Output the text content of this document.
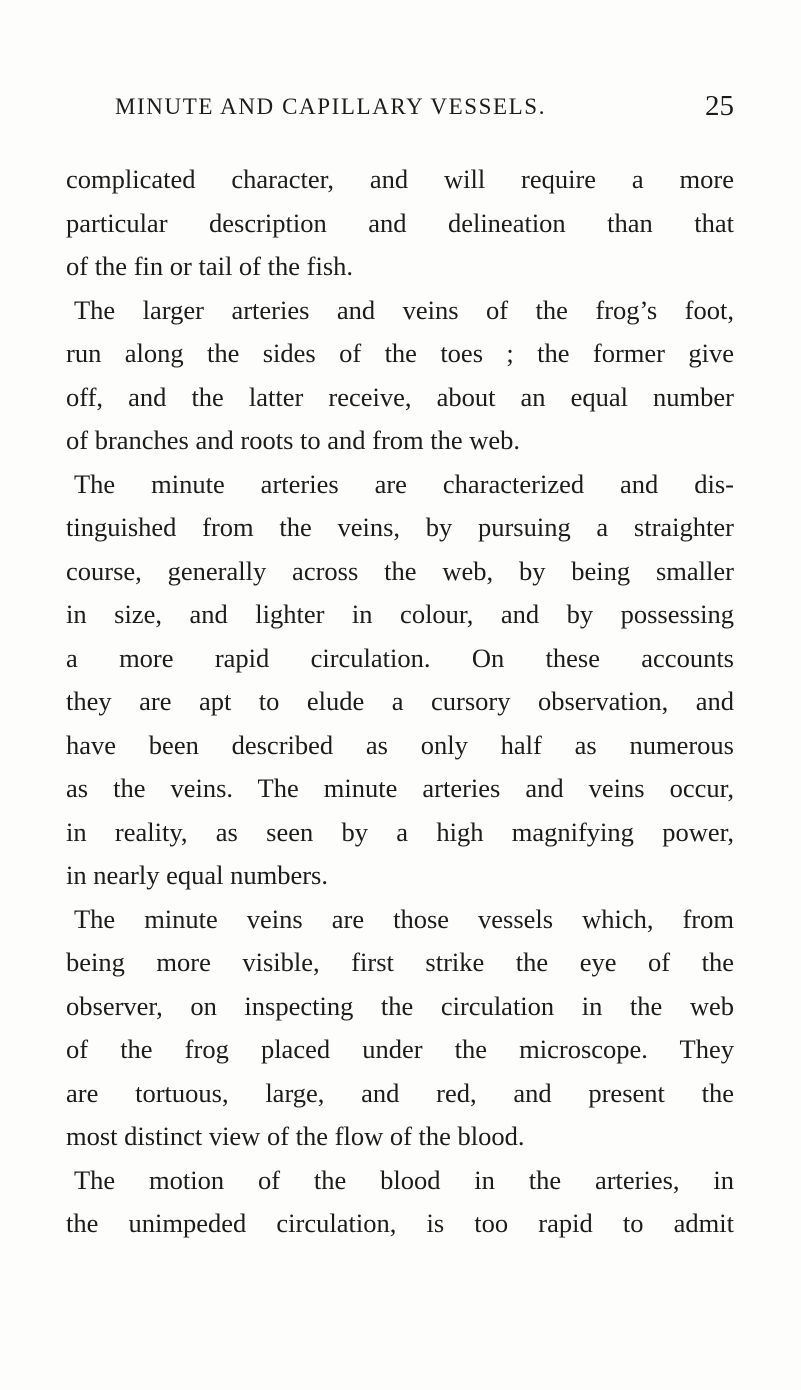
MINUTE AND CAPILLARY VESSELS.	25
complicated character, and will require a more
particular description and delineation than that
of the fin or tail of the fish.
The larger arteries and veins of the frog’s foot,
run along the sides of the toes ; the former give
off, and the latter receive, about an equal number
of branches and roots to and from the web.
The minute arteries are characterized and dis-
tinguished from the veins, by pursuing a straighter
course, generally across the web, by being smaller
in size, and lighter in colour, and by possessing
a more rapid circulation. On these accounts
they are apt to elude a cursory observation, and
have been described as only half as numerous
as the veins. The minute arteries and veins occur,
in reality, as seen by a high magnifying power,
in nearly equal numbers.
The minute veins are those vessels which, from
being more visible, first strike the eye of the
observer, on inspecting the circulation in the web
of the frog placed under the microscope. They
are tortuous, large, and red, and present the
most distinct view of the flow of the blood.
The motion of the blood in the arteries, in
the unimpeded circulation, is too rapid to admit
